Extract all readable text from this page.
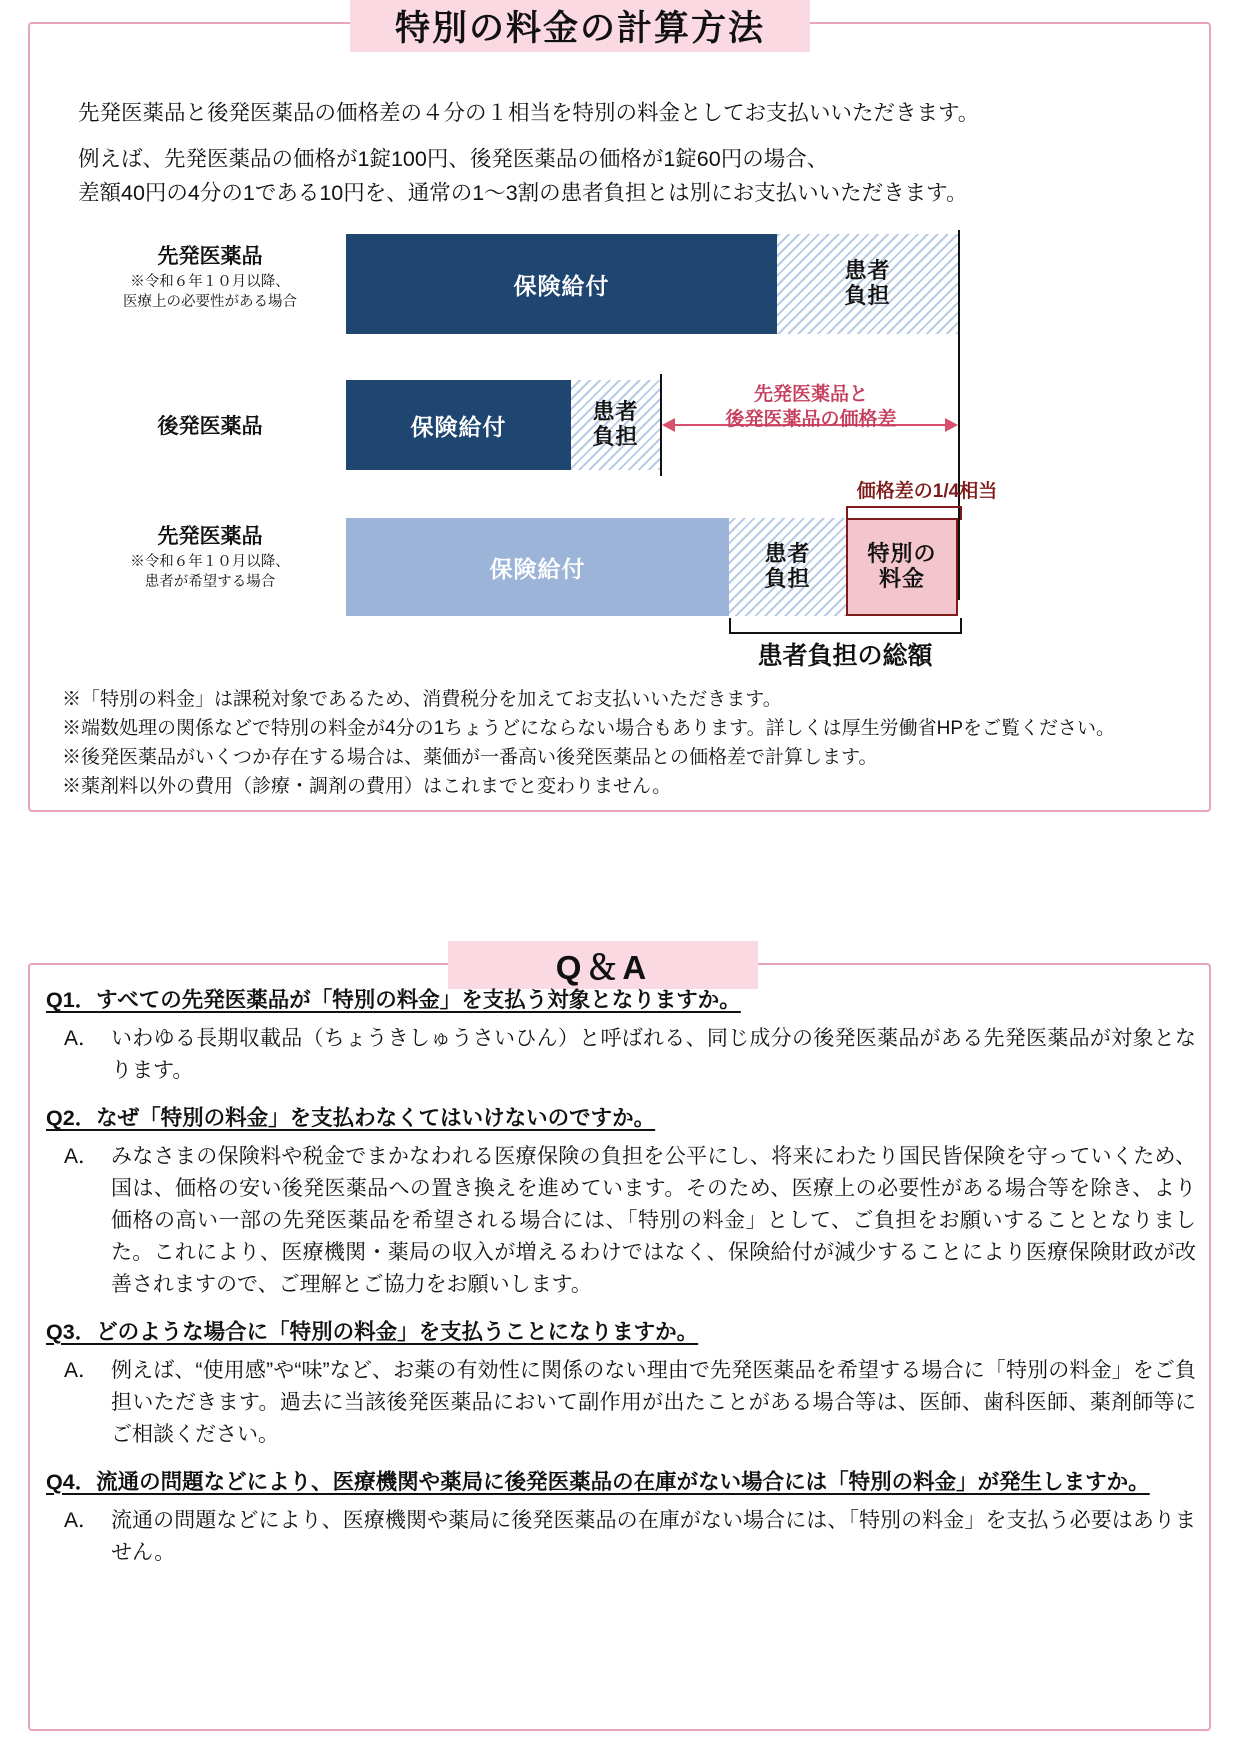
特別の料金の計算方法
先発医薬品と後発医薬品の価格差の４分の１相当を特別の料金としてお支払いいただきます。
例えば、先発医薬品の価格が1錠100円、後発医薬品の価格が1錠60円の場合、
差額40円の4分の1である10円を、通常の1〜3割の患者負担とは別にお支払いいただきます。
先発医薬品
※令和６年１０月以降、
医療上の必要性がある場合
保険給付
患者
負担
後発医薬品	保険給付
患者
負担
先発医薬品と
後発医薬品の価格差
先発医薬品
※令和６年１０月以降、
患者が希望する場合
価格差の1/4相当
保険給付
患者
負担
特別の
料金
患者負担の総額
※「特別の料金」は課税対象であるため、消費税分を加えてお支払いいただきます。
※端数処理の関係などで特別の料金が4分の1ちょうどにならない場合もあります。詳しくは厚生労働省HPをご覧ください。
※後発医薬品がいくつか存在する場合は、薬価が一番高い後発医薬品との価格差で計算します。
※薬剤料以外の費用（診療・調剤の費用）はこれまでと変わりません。
Q＆A
Q1．すべての先発医薬品が「特別の料金」を支払う対象となりますか。
A． いわゆる長期収載品（ちょうきしゅうさいひん）と呼ばれる、同じ成分の後発医薬品がある先発医薬品が対象となります。
Q2．なぜ「特別の料金」を支払わなくてはいけないのですか。
A． みなさまの保険料や税金でまかなわれる医療保険の負担を公平にし、将来にわたり国民皆保険を守っていくため、国は、価格の安い後発医薬品への置き換えを進めています。そのため、医療上の必要性がある場合等を除き、より価格の高い一部の先発医薬品を希望される場合には、「特別の料金」として、ご負担をお願いすることとなりました。これにより、医療機関・薬局の収入が増えるわけではなく、保険給付が減少することにより医療保険財政が改善されますので、ご理解とご協力をお願いします。
Q3．どのような場合に「特別の料金」を支払うことになりますか。
A． 例えば、“使用感”や“味”など、お薬の有効性に関係のない理由で先発医薬品を希望する場合に「特別の料金」をご負担いただきます。過去に当該後発医薬品において副作用が出たことがある場合等は、医師、歯科医師、薬剤師等にご相談ください。
Q4．流通の問題などにより、医療機関や薬局に後発医薬品の在庫がない場合には「特別の料金」が発生しますか。
A． 流通の問題などにより、医療機関や薬局に後発医薬品の在庫がない場合には、「特別の料金」を支払う必要はありません。
